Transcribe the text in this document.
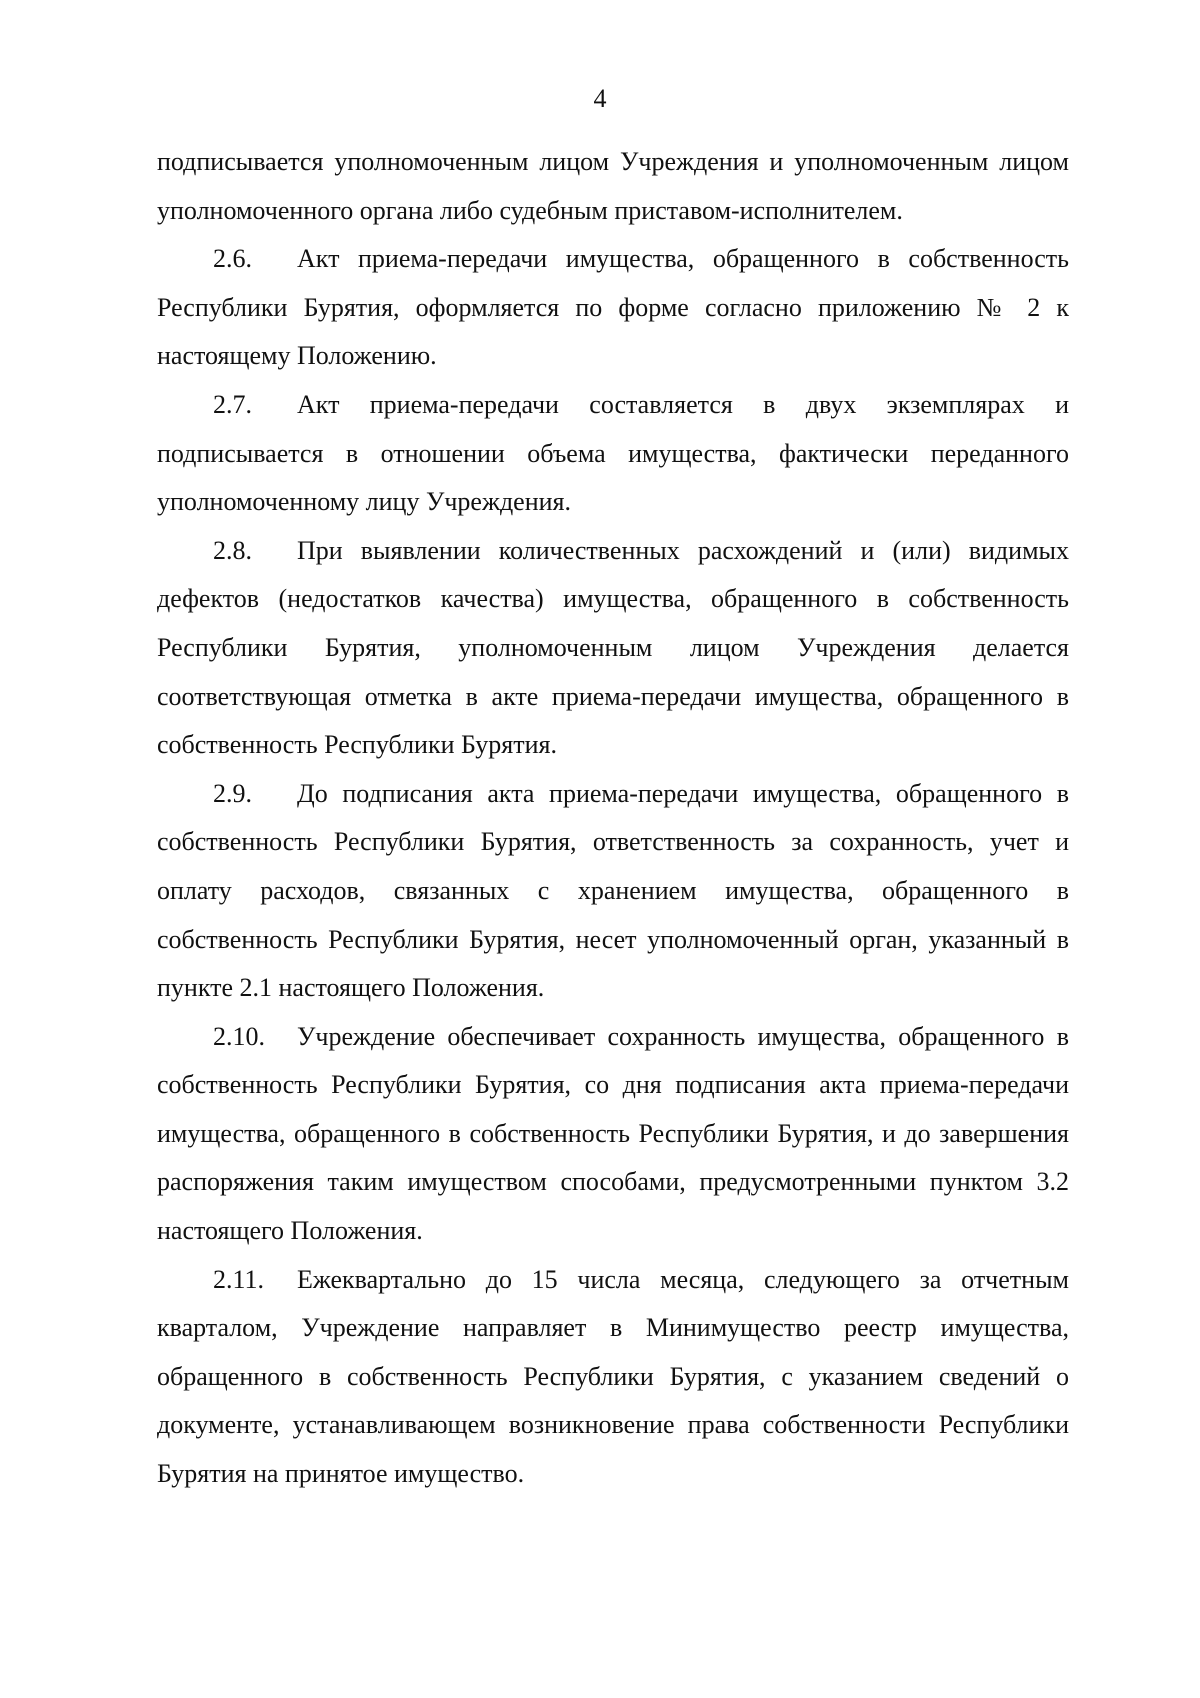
4

подписывается уполномоченным лицом Учреждения и уполномоченным лицом уполномоченного органа либо судебным приставом-исполнителем.

2.6. Акт приема-передачи имущества, обращенного в собственность Республики Бурятия, оформляется по форме согласно приложению № 2 к настоящему Положению.

2.7. Акт приема-передачи составляется в двух экземплярах и подписывается в отношении объема имущества, фактически переданного уполномоченному лицу Учреждения.

2.8. При выявлении количественных расхождений и (или) видимых дефектов (недостатков качества) имущества, обращенного в собственность Республики Бурятия, уполномоченным лицом Учреждения делается соответствующая отметка в акте приема-передачи имущества, обращенного в собственность Республики Бурятия.

2.9. До подписания акта приема-передачи имущества, обращенного в собственность Республики Бурятия, ответственность за сохранность, учет и оплату расходов, связанных с хранением имущества, обращенного в собственность Республики Бурятия, несет уполномоченный орган, указанный в пункте 2.1 настоящего Положения.

2.10. Учреждение обеспечивает сохранность имущества, обращенного в собственность Республики Бурятия, со дня подписания акта приема-передачи имущества, обращенного в собственность Республики Бурятия, и до завершения распоряжения таким имуществом способами, предусмотренными пунктом 3.2 настоящего Положения.

2.11. Ежеквартально до 15 числа месяца, следующего за отчетным кварталом, Учреждение направляет в Минимущество реестр имущества, обращенного в собственность Республики Бурятия, с указанием сведений о документе, устанавливающем возникновение права собственности Республики Бурятия на принятое имущество.
